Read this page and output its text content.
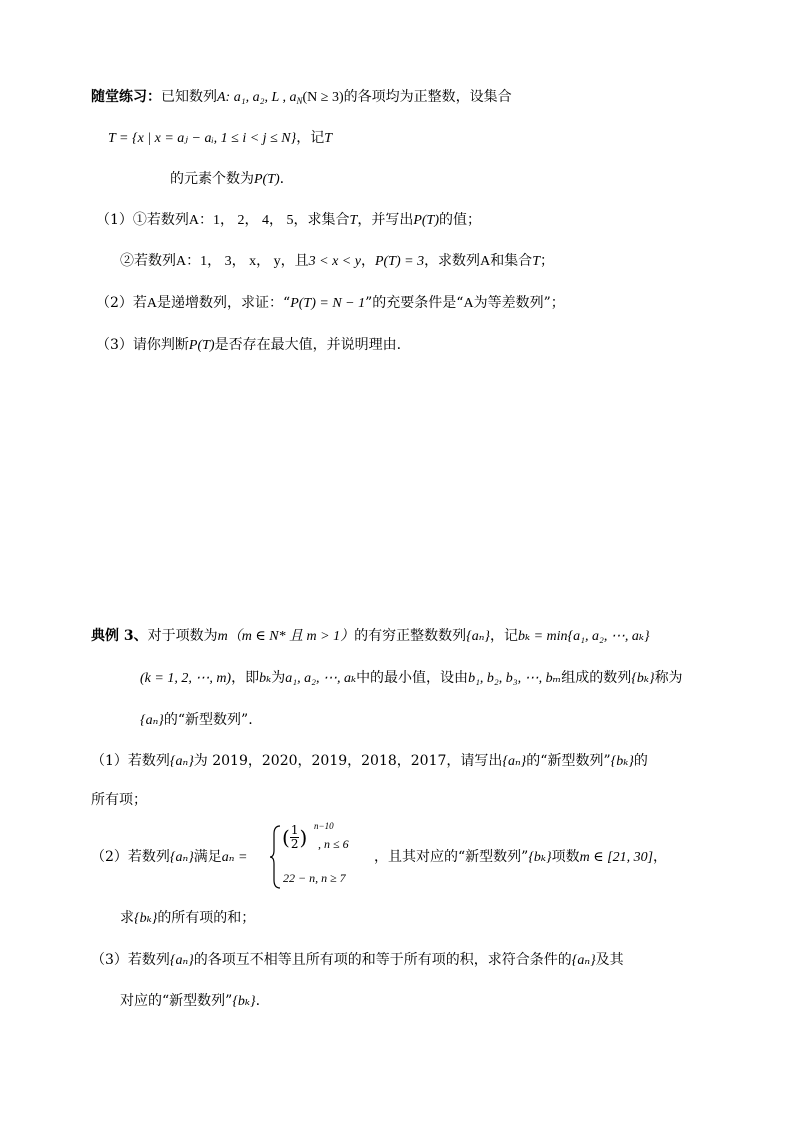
随堂练习：已知数列A: a₁, a₂, L , $a_N(N \ge 3)$的各项均为正整数，设集合
T = {x | x = aⱼ − aᵢ, 1 ≤ i < j ≤ N}，记T
的元素个数为P(T).
（1）①若数列A：1， 2， 4， 5，求集合T，并写出P(T)的值；
②若数列A：1， 3， x， y，且3 < x < y，P(T) = 3，求数列A和集合T；
（2）若A是递增数列，求证：“P(T) = N − 1”的充要条件是“A为等差数列”；
（3）请你判断P(T)是否存在最大值，并说明理由.
典例 3、对于项数为m（m ∈ N* 且 m > 1）的有穷正整数数列{aₙ}，记bₖ = min{a₁, a₂, ⋯, aₖ}
(k = 1, 2, ⋯, m)，即bₖ为a₁, a₂, ⋯, aₖ中的最小值，设由b₁, b₂, b₃, ⋯, bₘ组成的数列{bₖ}称为
{aₙ}的“新型数列”.
（1）若数列{aₙ}为 2019，2020，2019，2018，2017，请写出{aₙ}的“新型数列”{bₖ}的
所有项；
（2）若数列{aₙ}满足aₙ =
( $\frac{1}{2}$ ) n−10
, n ≤ 6
22 − n, n ≥ 7
，且其对应的“新型数列”{bₖ}项数m ∈ [21, 30]，
求{bₖ}的所有项的和；
（3）若数列{aₙ}的各项互不相等且所有项的和等于所有项的积，求符合条件的{aₙ}及其
对应的“新型数列”{bₖ}.
